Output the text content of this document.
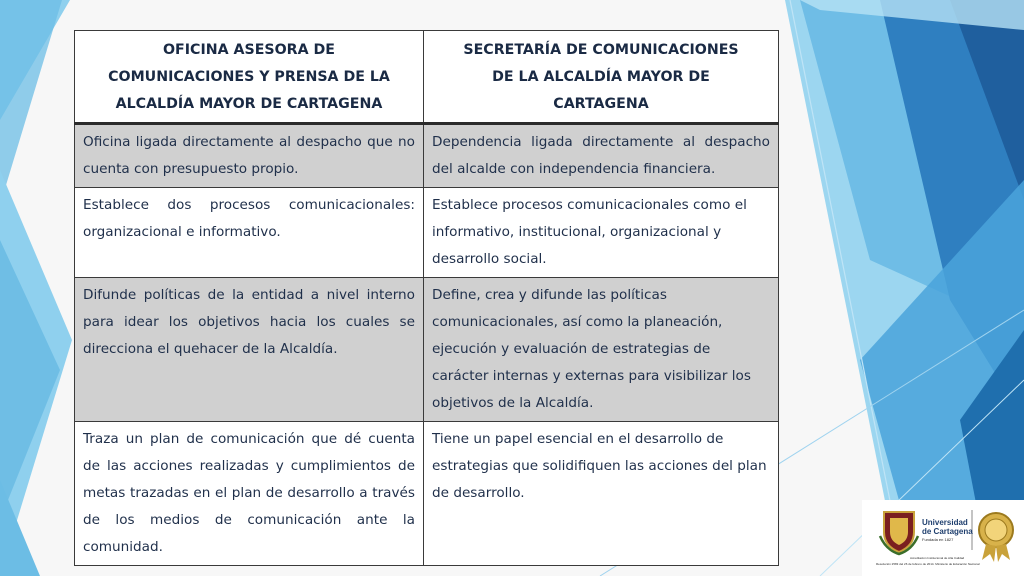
OFICINA ASESORA DE COMUNICACIONES Y PRENSA DE LA ALCALDÍA MAYOR DE CARTAGENA	SECRETARÍA DE COMUNICACIONES DE LA ALCALDÍA MAYOR DE CARTAGENA
Oficina ligada directamente al despacho que no cuenta con presupuesto propio.	Dependencia ligada directamente al despacho del alcalde con independencia financiera.
Establece dos procesos comunicacionales: organizacional e informativo.	Establece procesos comunicacionales como el informativo, institucional, organizacional y desarrollo social.
Difunde políticas de la entidad a nivel interno para idear los objetivos hacia los cuales se direcciona el quehacer de la Alcaldía.	Define, crea y difunde las políticas comunicacionales, así como la planeación, ejecución y evaluación de estrategias de carácter internas y externas para visibilizar los objetivos de la Alcaldía.
Traza un plan de comunicación que dé cuenta de las acciones realizadas y cumplimientos de metas trazadas en el plan de desarrollo a través de los medios de comunicación ante la comunidad.	Tiene un papel esencial en el desarrollo de estrategias que solidifiquen las acciones del plan de desarrollo.
Universidad
de Cartagena
Fundada en 1827
Acreditación Institucional de Alta Calidad
Resolución 2583 del 26 de febrero de 2014. Ministerio de Educación Nacional
